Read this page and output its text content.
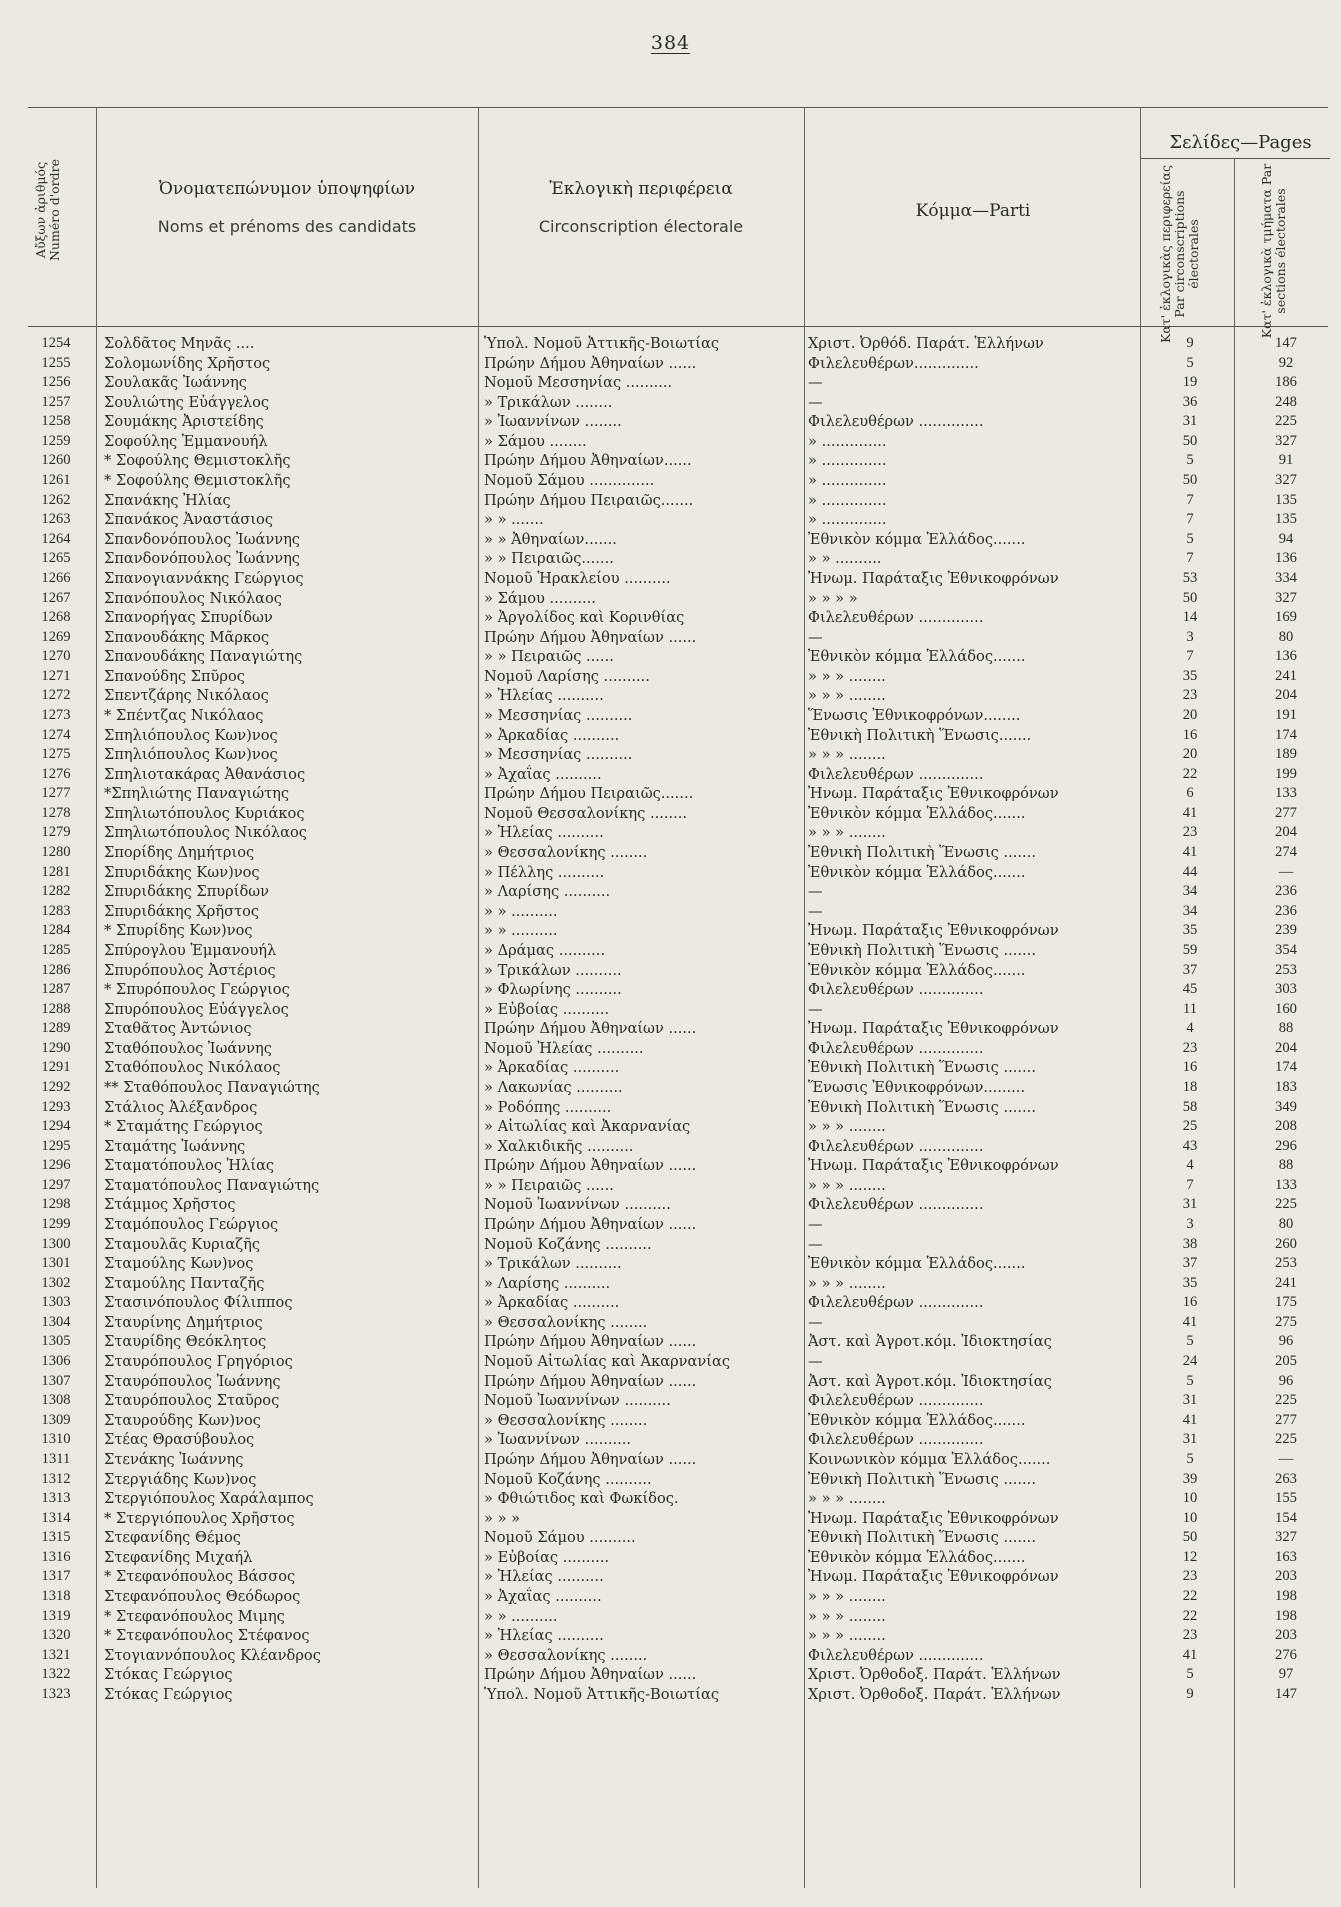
384
Αὔξων ἀριθμός Numéro d'ordre	Ὀνοματεπώνυμον ὑποψηφίων
Noms et prénoms des candidats
Ἐκλογικὴ περιφέρεια
Circonscription électorale
Κόμμα—Parti
Σελίδες—Pages
Κατ' ἐκλογικὰς περιφερείας Par circonscriptions électorales	Κατ' ἐκλογικὰ τμήματα Par sections électorales
1254	Σολδᾶτος Μηνᾶς ....	Ὑπολ. Νομοῦ Ἀττικῆς-Βοιωτίας	Χριστ. Ὀρθόδ. Παράτ. Ἑλλήνων	9	147
1255	Σολομωνίδης Χρῆστος	Πρώην Δήμου Ἀθηναίων ......	Φιλελευθέρων..............	5	92
1256	Σουλακᾶς Ἰωάννης	Νομοῦ Μεσσηνίας ..........	—	19	186
1257	Σουλιώτης Εὐάγγελος	» Τρικάλων ........	—	36	248
1258	Σουμάκης Ἀριστείδης	» Ἰωαννίνων ........	Φιλελευθέρων ..............	31	225
1259	Σοφούλης Ἐμμανουήλ	» Σάμου ........	» ..............	50	327
1260	* Σοφούλης Θεμιστοκλῆς	Πρώην Δήμου Ἀθηναίων......	» ..............	5	91
1261	* Σοφούλης Θεμιστοκλῆς	Νομοῦ Σάμου ..............	» ..............	50	327
1262	Σπανάκης Ἠλίας	Πρώην Δήμου Πειραιῶς.......	» ..............	7	135
1263	Σπανάκος Ἀναστάσιος	» » .......	» ..............	7	135
1264	Σπανδονόπουλος Ἰωάννης	» » Ἀθηναίων.......	Ἐθνικὸν κόμμα Ἑλλάδος.......	5	94
1265	Σπανδονόπουλος Ἰωάννης	» » Πειραιῶς.......	» » ..........	7	136
1266	Σπανογιαννάκης Γεώργιος	Νομοῦ Ἡρακλείου ..........	Ἠνωμ. Παράταξις Ἐθνικοφρόνων	53	334
1267	Σπανόπουλος Νικόλαος	» Σάμου ..........	» » » »	50	327
1268	Σπανορήγας Σπυρίδων	» Ἀργολίδος καὶ Κορινθίας	Φιλελευθέρων ..............	14	169
1269	Σπανουδάκης Μᾶρκος	Πρώην Δήμου Ἀθηναίων ......	—	3	80
1270	Σπανουδάκης Παναγιώτης	» » Πειραιῶς ......	Ἐθνικὸν κόμμα Ἑλλάδος.......	7	136
1271	Σπανούδης Σπῦρος	Νομοῦ Λαρίσης ..........	» » » ........	35	241
1272	Σπεντζάρης Νικόλαος	» Ἠλείας ..........	» » » ........	23	204
1273	* Σπέντζας Νικόλαος	» Μεσσηνίας ..........	Ἕνωσις Ἐθνικοφρόνων........	20	191
1274	Σπηλιόπουλος Κων)νος	» Ἀρκαδίας ..........	Ἐθνικὴ Πολιτικὴ Ἕνωσις.......	16	174
1275	Σπηλιόπουλος Κων)νος	» Μεσσηνίας ..........	» » » ........	20	189
1276	Σπηλιοτακάρας Ἀθανάσιος	» Ἀχαΐας ..........	Φιλελευθέρων ..............	22	199
1277	*Σπηλιώτης Παναγιώτης	Πρώην Δήμου Πειραιῶς.......	Ἠνωμ. Παράταξις Ἐθνικοφρόνων	6	133
1278	Σπηλιωτόπουλος Κυριάκος	Νομοῦ Θεσσαλονίκης ........	Ἐθνικὸν κόμμα Ἑλλάδος.......	41	277
1279	Σπηλιωτόπουλος Νικόλαος	» Ἠλείας ..........	» » » ........	23	204
1280	Σπορίδης Δημήτριος	» Θεσσαλονίκης ........	Ἐθνικὴ Πολιτικὴ Ἕνωσις .......	41	274
1281	Σπυριδάκης Κων)νος	» Πέλλης ..........	Ἐθνικὸν κόμμα Ἑλλάδος.......	44	—
1282	Σπυριδάκης Σπυρίδων	» Λαρίσης ..........	—	34	236
1283	Σπυριδάκης Χρῆστος	» » ..........	—	34	236
1284	* Σπυρίδης Κων)νος	» » ..........	Ἠνωμ. Παράταξις Ἐθνικοφρόνων	35	239
1285	Σπύρογλου Ἐμμανουήλ	» Δράμας ..........	Ἐθνικὴ Πολιτικὴ Ἕνωσις .......	59	354
1286	Σπυρόπουλος Ἀστέριος	» Τρικάλων ..........	Ἐθνικὸν κόμμα Ἑλλάδος.......	37	253
1287	* Σπυρόπουλος Γεώργιος	» Φλωρίνης ..........	Φιλελευθέρων ..............	45	303
1288	Σπυρόπουλος Εὐάγγελος	» Εὐβοίας ..........	—	11	160
1289	Σταθᾶτος Ἀντώνιος	Πρώην Δήμου Ἀθηναίων ......	Ἠνωμ. Παράταξις Ἐθνικοφρόνων	4	88
1290	Σταθόπουλος Ἰωάννης	Νομοῦ Ἠλείας ..........	Φιλελευθέρων ..............	23	204
1291	Σταθόπουλος Νικόλαος	» Ἀρκαδίας ..........	Ἐθνικὴ Πολιτικὴ Ἕνωσις .......	16	174
1292	** Σταθόπουλος Παναγιώτης	» Λακωνίας ..........	Ἕνωσις Ἐθνικοφρόνων.........	18	183
1293	Στάλιος Ἀλέξανδρος	» Ροδόπης ..........	Ἐθνικὴ Πολιτικὴ Ἕνωσις .......	58	349
1294	* Σταμάτης Γεώργιος	» Αἰτωλίας καὶ Ἀκαρνανίας	» » » ........	25	208
1295	Σταμάτης Ἰωάννης	» Χαλκιδικῆς ..........	Φιλελευθέρων ..............	43	296
1296	Σταματόπουλος Ἠλίας	Πρώην Δήμου Ἀθηναίων ......	Ἠνωμ. Παράταξις Ἐθνικοφρόνων	4	88
1297	Σταματόπουλος Παναγιώτης	» » Πειραιῶς ......	» » » ........	7	133
1298	Στάμμος Χρῆστος	Νομοῦ Ἰωαννίνων ..........	Φιλελευθέρων ..............	31	225
1299	Σταμόπουλος Γεώργιος	Πρώην Δήμου Ἀθηναίων ......	—	3	80
1300	Σταμουλᾶς Κυριαζῆς	Νομοῦ Κοζάνης ..........	—	38	260
1301	Σταμούλης Κων)νος	» Τρικάλων ..........	Ἐθνικὸν κόμμα Ἑλλάδος.......	37	253
1302	Σταμούλης Πανταζῆς	» Λαρίσης ..........	» » » ........	35	241
1303	Στασινόπουλος Φίλιππος	» Ἀρκαδίας ..........	Φιλελευθέρων ..............	16	175
1304	Σταυρίνης Δημήτριος	» Θεσσαλονίκης ........	—	41	275
1305	Σταυρίδης Θεόκλητος	Πρώην Δήμου Ἀθηναίων ......	Ἀστ. καὶ Ἀγροτ.κόμ. Ἰδιοκτησίας	5	96
1306	Σταυρόπουλος Γρηγόριος	Νομοῦ Αἰτωλίας καὶ Ἀκαρνανίας	—	24	205
1307	Σταυρόπουλος Ἰωάννης	Πρώην Δήμου Ἀθηναίων ......	Ἀστ. καὶ Ἀγροτ.κόμ. Ἰδιοκτησίας	5	96
1308	Σταυρόπουλος Σταῦρος	Νομοῦ Ἰωαννίνων ..........	Φιλελευθέρων ..............	31	225
1309	Σταυρούδης Κων)νος	» Θεσσαλονίκης ........	Ἐθνικὸν κόμμα Ἑλλάδος.......	41	277
1310	Στέας Θρασύβουλος	» Ἰωαννίνων ..........	Φιλελευθέρων ..............	31	225
1311	Στενάκης Ἰωάννης	Πρώην Δήμου Ἀθηναίων ......	Κοινωνικὸν κόμμα Ἑλλάδος.......	5	—
1312	Στεργιάδης Κων)νος	Νομοῦ Κοζάνης ..........	Ἐθνικὴ Πολιτικὴ Ἕνωσις .......	39	263
1313	Στεργιόπουλος Χαράλαμπος	» Φθιώτιδος καὶ Φωκίδος.	» » » ........	10	155
1314	* Στεργιόπουλος Χρῆστος	» » »	Ἠνωμ. Παράταξις Ἐθνικοφρόνων	10	154
1315	Στεφανίδης Θέμος	Νομοῦ Σάμου ..........	Ἐθνικὴ Πολιτικὴ Ἕνωσις .......	50	327
1316	Στεφανίδης Μιχαήλ	» Εὐβοίας ..........	Ἐθνικὸν κόμμα Ἑλλάδος.......	12	163
1317	* Στεφανόπουλος Βάσσος	» Ἠλείας ..........	Ἠνωμ. Παράταξις Ἐθνικοφρόνων	23	203
1318	Στεφανόπουλος Θεόδωρος	» Ἀχαΐας ..........	» » » ........	22	198
1319	* Στεφανόπουλος Μιμης	» » ..........	» » » ........	22	198
1320	* Στεφανόπουλος Στέφανος	» Ἠλείας ..........	» » » ........	23	203
1321	Στογιαννόπουλος Κλέανδρος	» Θεσσαλονίκης ........	Φιλελευθέρων ..............	41	276
1322	Στόκας Γεώργιος	Πρώην Δήμου Ἀθηναίων ......	Χριστ. Ὀρθοδοξ. Παράτ. Ἑλλήνων	5	97
1323	Στόκας Γεώργιος	Ὑπολ. Νομοῦ Ἀττικῆς-Βοιωτίας	Χριστ. Ὀρθοδοξ. Παράτ. Ἑλλήνων	9	147
